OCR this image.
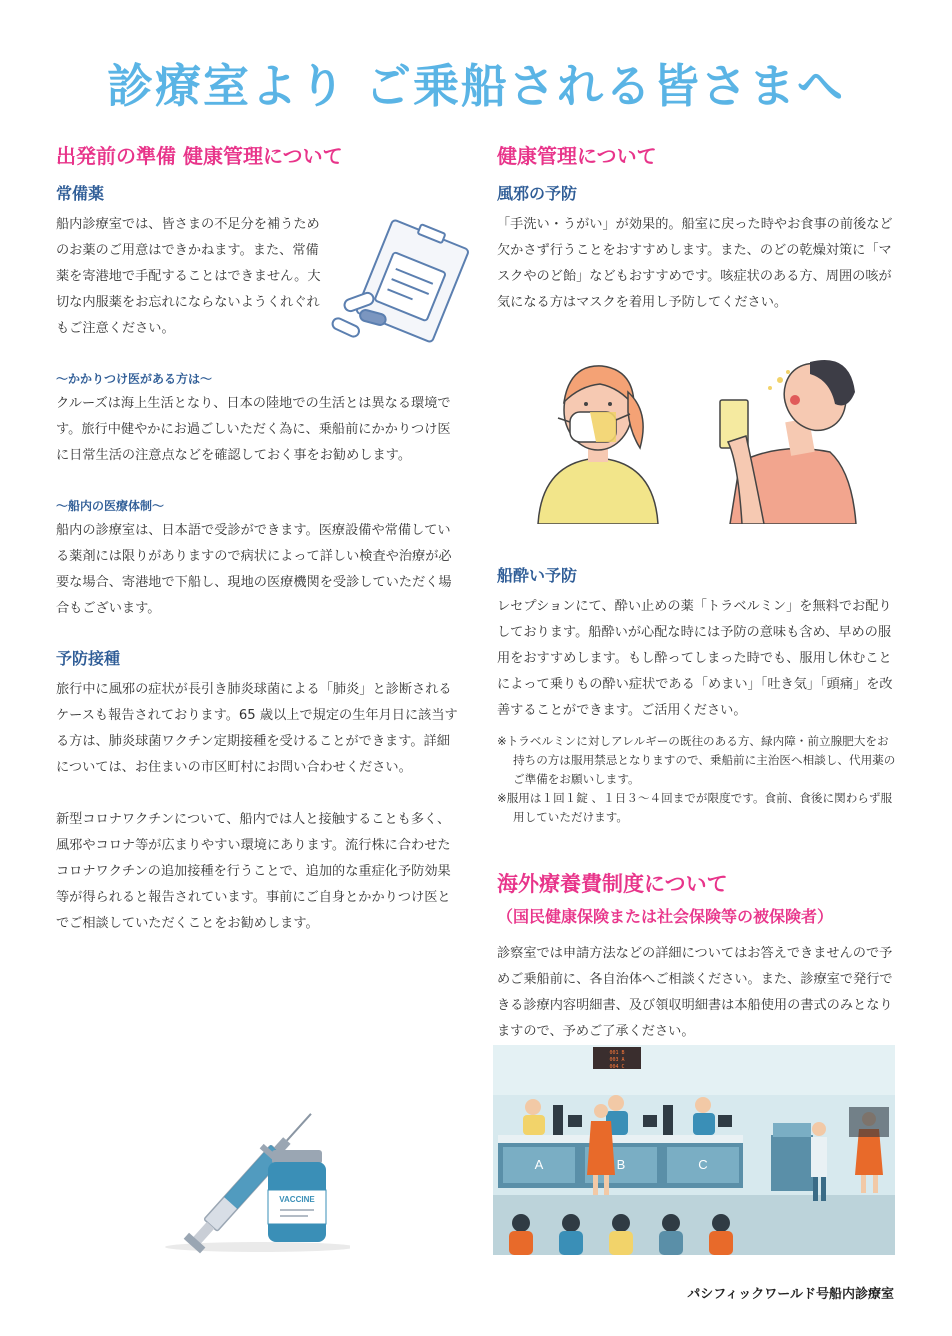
診療室より ご乗船される皆さまへ
出発前の準備 健康管理について
常備薬

船内診療室では、皆さまの不足分を補うためのお薬のご用意はできかねます。また、常備薬を寄港地で手配することはできません。大切な内服薬をお忘れにならないようくれぐれもご注意ください。

〜かかりつけ医がある方は〜

クルーズは海上生活となり、日本の陸地での生活とは異なる環境です。旅行中健やかにお過ごしいただく為に、乗船前にかかりつけ医に日常生活の注意点などを確認しておく事をお勧めします。

〜船内の医療体制〜

船内の診療室は、日本語で受診ができます。医療設備や常備している薬剤には限りがありますので病状によって詳しい検査や治療が必要な場合、寄港地で下船し、現地の医療機関を受診していただく場合もございます。

予防接種

旅行中に風邪の症状が長引き肺炎球菌による「肺炎」と診断されるケースも報告されております。65 歳以上で規定の生年月日に該当する方は、肺炎球菌ワクチン定期接種を受けることができます。詳細については、お住まいの市区町村にお問い合わせください。

新型コロナワクチンについて、船内では人と接触することも多く、風邪やコロナ等が広まりやすい環境にあります。流行株に合わせたコロナワクチンの追加接種を行うことで、追加的な重症化予防効果等が得られると報告されています。事前にご自身とかかりつけ医とでご相談していただくことをお勧めします。

VACCINE
健康管理について
風邪の予防

「手洗い・うがい」が効果的。船室に戻った時やお食事の前後など欠かさず行うことをおすすめします。また、のどの乾燥対策に「マスクやのど飴」などもおすすめです。咳症状のある方、周囲の咳が気になる方はマスクを着用し予防してください。

船酔い予防

レセプションにて、酔い止めの薬「トラベルミン」を無料でお配りしております。船酔いが心配な時には予防の意味も含め、早めの服用をおすすめします。もし酔ってしまった時でも、服用し休むことによって乗りもの酔い症状である「めまい」「吐き気」「頭痛」を改善することができます。ご活用ください。

※トラベルミンに対しアレルギーの既往のある方、緑内障・前立腺肥大をお持ちの方は服用禁忌となりますので、乗船前に主治医へ相談し、代用薬のご準備をお願いします。

※服用は１回１錠 、１日３〜４回までが限度です。食前、食後に関わらず服用していただけます。

海外療養費制度について
（国民健康保険または社会保険等の被保険者）

診察室では申請方法などの詳細についてはお答えできませんので予めご乗船前に、各自治体へご相談ください。また、診療室で発行できる診療内容明細書、及び領収明細書は本船使用の書式のみとなりますので、予めご了承ください。

001 B
003 A
004 C
A	B	C
パシフィックワールド号船内診療室
